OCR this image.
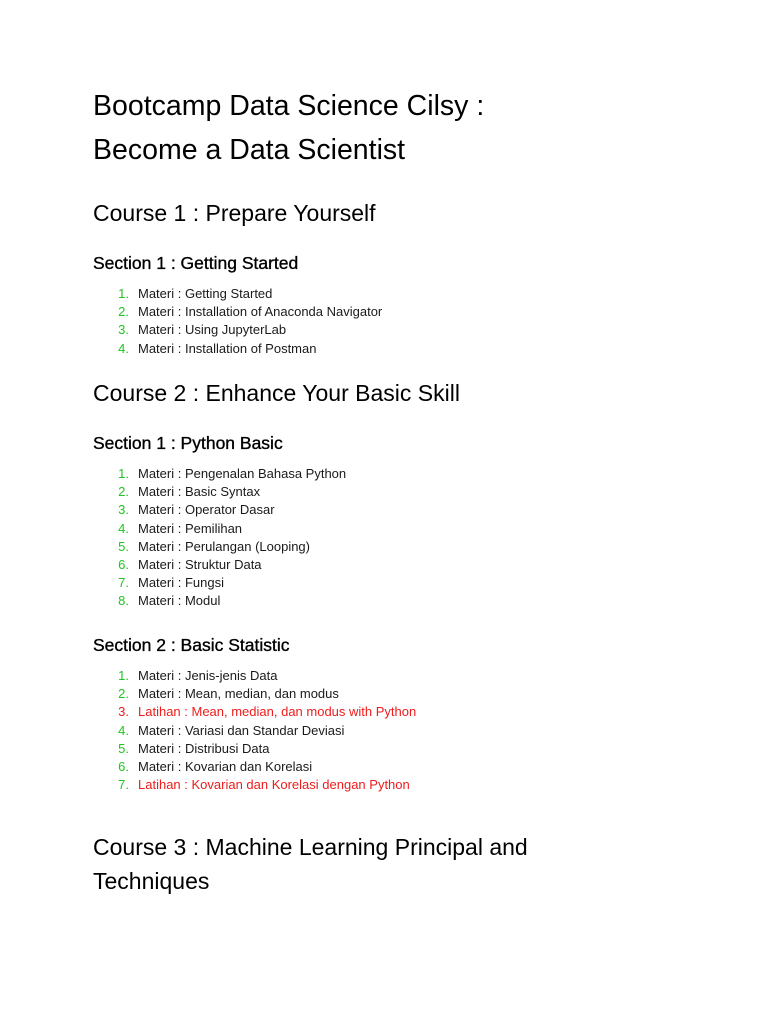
Bootcamp Data Science Cilsy :
Become a Data Scientist
Course 1 : Prepare Yourself
Section 1 : Getting Started
1. Materi : Getting Started
2. Materi : Installation of Anaconda Navigator
3. Materi : Using JupyterLab
4. Materi : Installation of Postman
Course 2 : Enhance Your Basic Skill
Section 1 : Python Basic
1. Materi : Pengenalan Bahasa Python
2. Materi : Basic Syntax
3. Materi : Operator Dasar
4. Materi : Pemilihan
5. Materi : Perulangan (Looping)
6. Materi : Struktur Data
7. Materi : Fungsi
8. Materi : Modul
Section 2 : Basic Statistic
1. Materi : Jenis-jenis Data
2. Materi : Mean, median, dan modus
3. Latihan : Mean, median, dan modus with Python
4. Materi : Variasi dan Standar Deviasi
5. Materi : Distribusi Data
6. Materi : Kovarian dan Korelasi
7. Latihan : Kovarian dan Korelasi dengan Python
Course 3 : Machine Learning Principal and
Techniques
